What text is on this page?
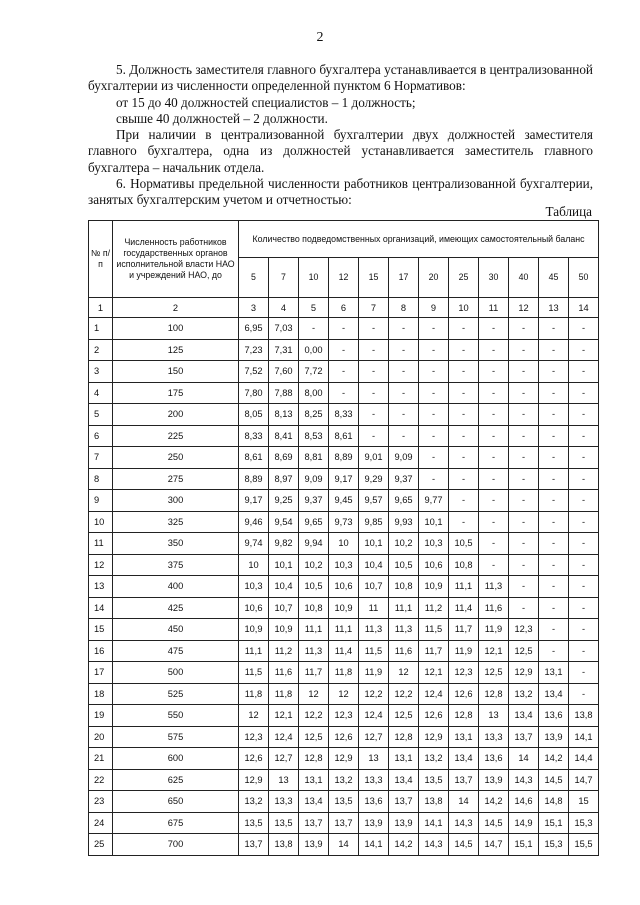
2

5. Должность заместителя главного бухгалтера устанавливается в централизованной бухгалтерии из численности определенной пунктом 6 Нормативов:

от 15 до 40 должностей специалистов – 1 должность;

свыше 40 должностей – 2 должности.

При наличии в централизованной бухгалтерии двух должностей заместителя главного бухгалтера, одна из должностей устанавливается заместитель главного бухгалтера – начальник отдела.

6. Нормативы предельной численности работников централизованной бухгалтерии, занятых бухгалтерским учетом и отчетностью:

Таблица
№ п/п	Численность работников государственных органов исполнительной власти НАО и учреждений НАО, до	Количество подведомственных организаций, имеющих самостоятельный баланс											
		5	7	10	12	15	17	20	25	30	40	45	50
1	2	3	4	5	6	7	8	9	10	11	12	13	14
1	100	6,95	7,03	-	-	-	-	-	-	-	-	-	-
2	125	7,23	7,31	0,00	-	-	-	-	-	-	-	-	-
3	150	7,52	7,60	7,72	-	-	-	-	-	-	-	-	-
4	175	7,80	7,88	8,00	-	-	-	-	-	-	-	-	-
5	200	8,05	8,13	8,25	8,33	-	-	-	-	-	-	-	-
6	225	8,33	8,41	8,53	8,61	-	-	-	-	-	-	-	-
7	250	8,61	8,69	8,81	8,89	9,01	9,09	-	-	-	-	-	-
8	275	8,89	8,97	9,09	9,17	9,29	9,37	-	-	-	-	-	-
9	300	9,17	9,25	9,37	9,45	9,57	9,65	9,77	-	-	-	-	-
10	325	9,46	9,54	9,65	9,73	9,85	9,93	10,1	-	-	-	-	-
11	350	9,74	9,82	9,94	10	10,1	10,2	10,3	10,5	-	-	-	-
12	375	10	10,1	10,2	10,3	10,4	10,5	10,6	10,8	-	-	-	-
13	400	10,3	10,4	10,5	10,6	10,7	10,8	10,9	11,1	11,3	-	-	-
14	425	10,6	10,7	10,8	10,9	11	11,1	11,2	11,4	11,6	-	-	-
15	450	10,9	10,9	11,1	11,1	11,3	11,3	11,5	11,7	11,9	12,3	-	-
16	475	11,1	11,2	11,3	11,4	11,5	11,6	11,7	11,9	12,1	12,5	-	-
17	500	11,5	11,6	11,7	11,8	11,9	12	12,1	12,3	12,5	12,9	13,1	-
18	525	11,8	11,8	12	12	12,2	12,2	12,4	12,6	12,8	13,2	13,4	-
19	550	12	12,1	12,2	12,3	12,4	12,5	12,6	12,8	13	13,4	13,6	13,8
20	575	12,3	12,4	12,5	12,6	12,7	12,8	12,9	13,1	13,3	13,7	13,9	14,1
21	600	12,6	12,7	12,8	12,9	13	13,1	13,2	13,4	13,6	14	14,2	14,4
22	625	12,9	13	13,1	13,2	13,3	13,4	13,5	13,7	13,9	14,3	14,5	14,7
23	650	13,2	13,3	13,4	13,5	13,6	13,7	13,8	14	14,2	14,6	14,8	15
24	675	13,5	13,5	13,7	13,7	13,9	13,9	14,1	14,3	14,5	14,9	15,1	15,3
25	700	13,7	13,8	13,9	14	14,1	14,2	14,3	14,5	14,7	15,1	15,3	15,5
